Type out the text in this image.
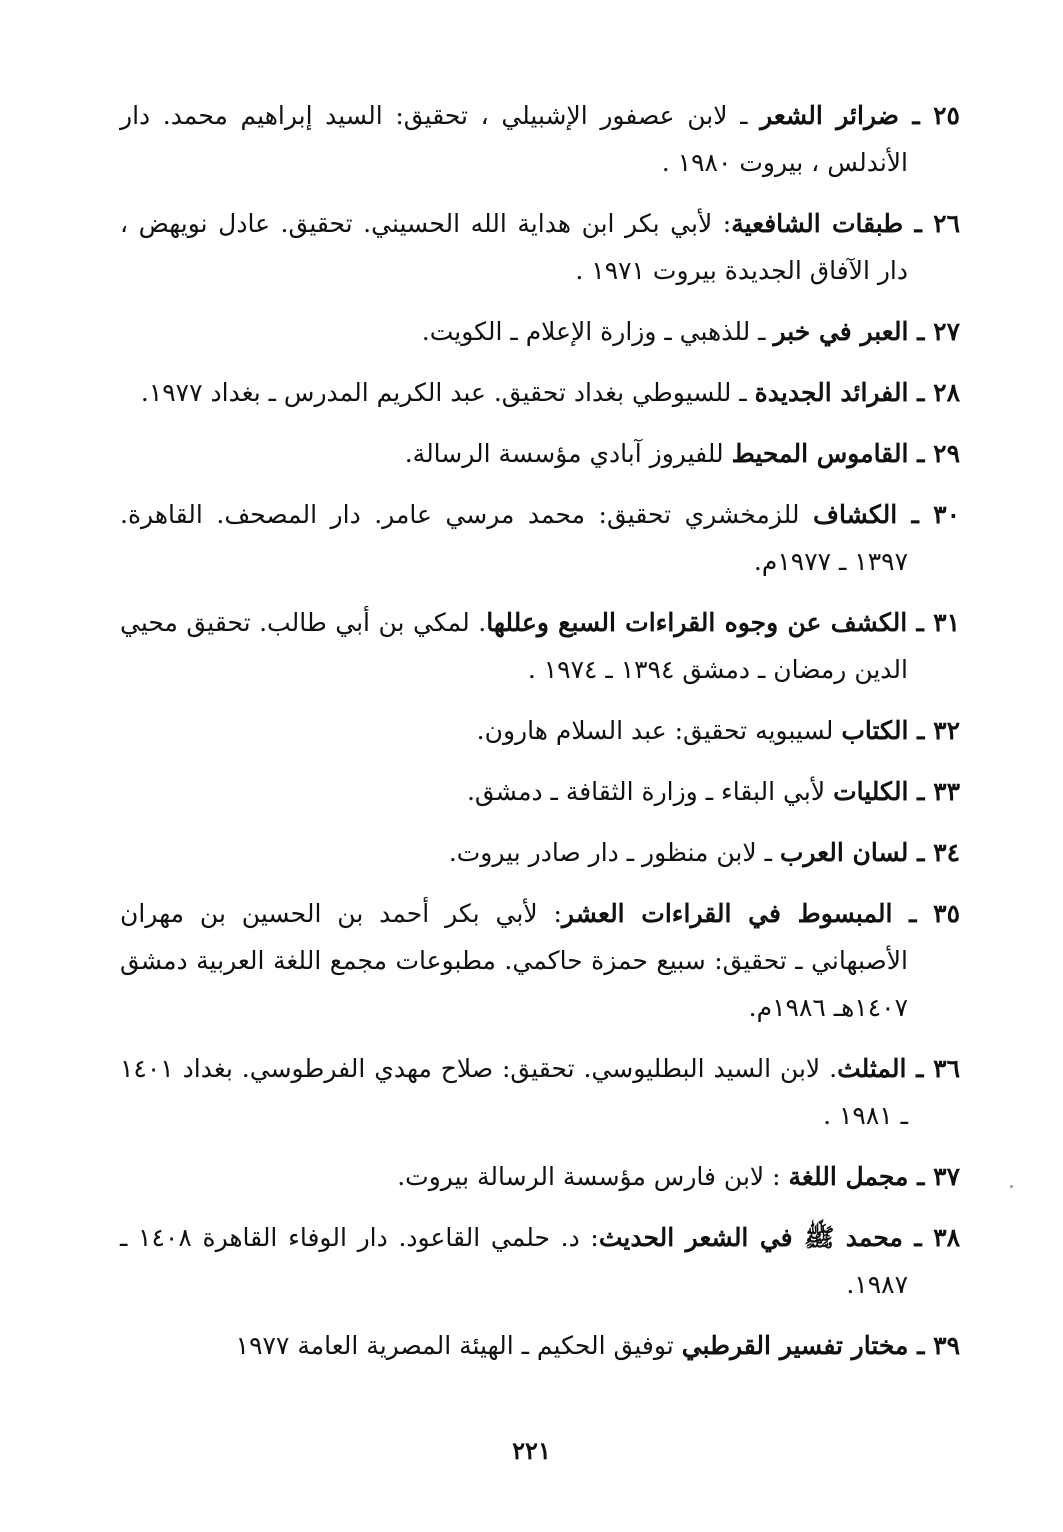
٢٥ ـ ضرائر الشعر ـ لابن عصفور الإشبيلي ، تحقيق: السيد إبراهيم محمد. دار الأندلس ، بيروت ١٩٨٠ .
٢٦ ـ طبقات الشافعية: لأبي بكر ابن هداية الله الحسيني. تحقيق. عادل نويهض ، دار الآفاق الجديدة بيروت ١٩٧١ .
٢٧ ـ العبر في خبر ـ للذهبي ـ وزارة الإعلام ـ الكويت.
٢٨ ـ الفرائد الجديدة ـ للسيوطي بغداد تحقيق. عبد الكريم المدرس ـ بغداد ١٩٧٧.
٢٩ ـ القاموس المحيط للفيروز آبادي مؤسسة الرسالة.
٣٠ ـ الكشاف للزمخشري تحقيق: محمد مرسي عامر. دار المصحف. القاهرة. ١٣٩٧ ـ ١٩٧٧م.
٣١ ـ الكشف عن وجوه القراءات السبع وعللها. لمكي بن أبي طالب. تحقيق محيي الدين رمضان ـ دمشق ١٣٩٤ ـ ١٩٧٤ .
٣٢ ـ الكتاب لسيبويه تحقيق: عبد السلام هارون.
٣٣ ـ الكليات لأبي البقاء ـ وزارة الثقافة ـ دمشق.
٣٤ ـ لسان العرب ـ لابن منظور ـ دار صادر بيروت.
٣٥ ـ المبسوط في القراءات العشر: لأبي بكر أحمد بن الحسين بن مهران الأصبهاني ـ تحقيق: سبيع حمزة حاكمي. مطبوعات مجمع اللغة العربية دمشق ١٤٠٧هـ ١٩٨٦م.
٣٦ ـ المثلث. لابن السيد البطليوسي. تحقيق: صلاح مهدي الفرطوسي. بغداد ١٤٠١ ـ ١٩٨١ .
٣٧ ـ مجمل اللغة : لابن فارس مؤسسة الرسالة بيروت.
٣٨ ـ محمد ﷺ في الشعر الحديث: د. حلمي القاعود. دار الوفاء القاهرة ١٤٠٨ ـ ١٩٨٧.
٣٩ ـ مختار تفسير القرطبي توفيق الحكيم ـ الهيئة المصرية العامة ١٩٧٧
٢٢١
